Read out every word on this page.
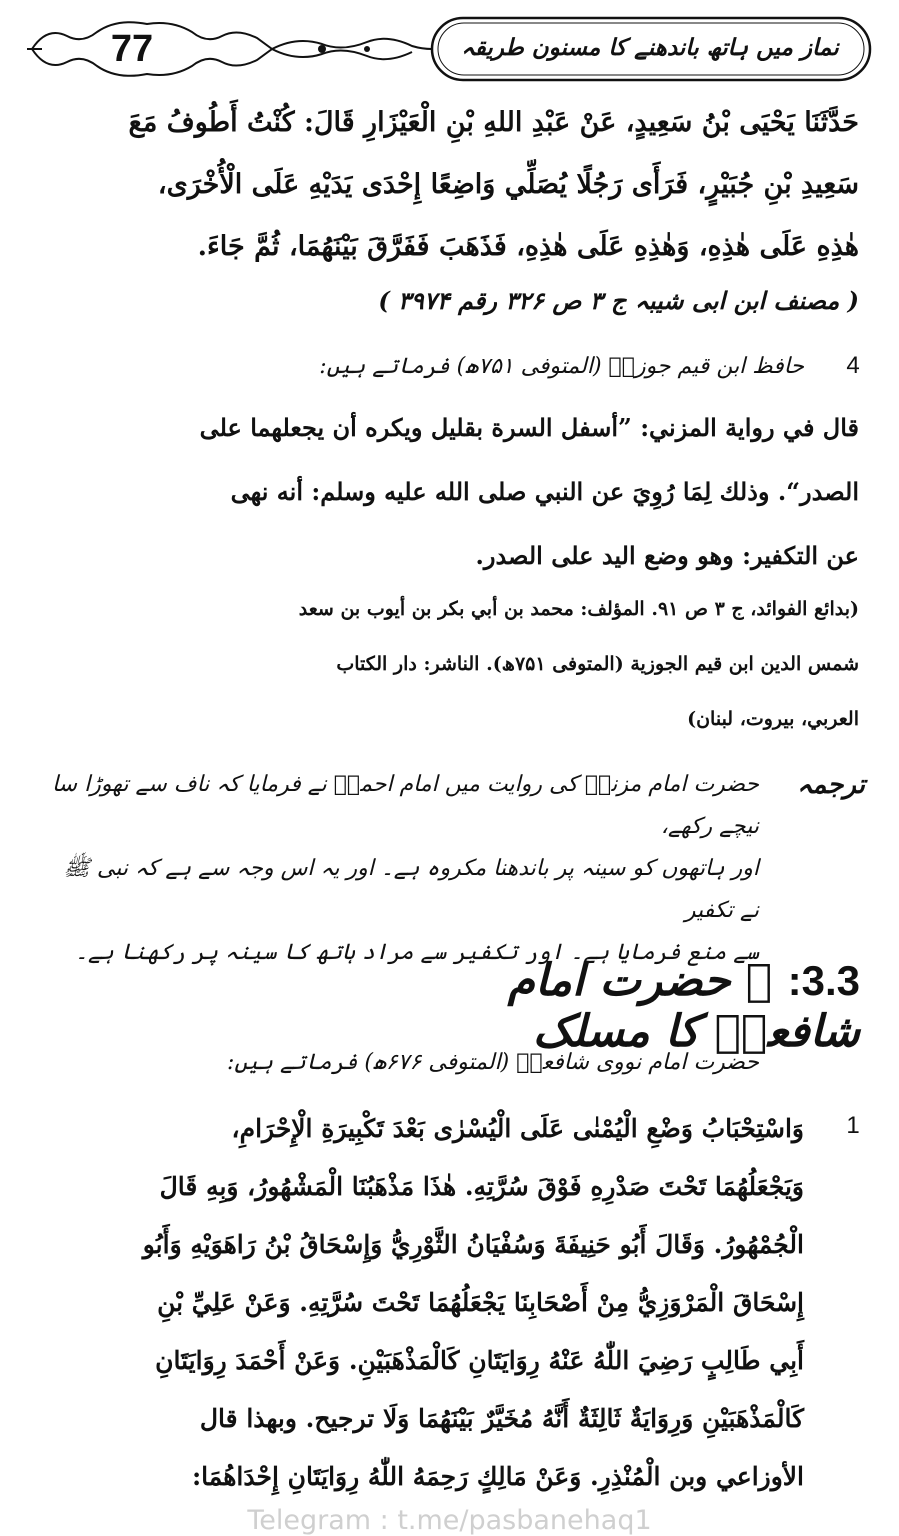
77	نماز میں ہاتھ باندھنے کا مسنون طریقہ
حَدَّثَنَا يَحْيَى بْنُ سَعِيدٍ، عَنْ عَبْدِ اللهِ بْنِ الْعَيْزَارِ قَالَ: كُنْتُ أَطُوفُ مَعَ
سَعِيدِ بْنِ جُبَيْرٍ، فَرَأَى رَجُلًا يُصَلِّي وَاضِعًا إِحْدَى يَدَيْهِ عَلَى الْأُخْرَى،
هٰذِهِ عَلَى هٰذِهِ، وَهٰذِهِ عَلَى هٰذِهِ، فَذَهَبَ فَفَرَّقَ بَيْنَهُمَا، ثُمَّ جَاءَ.
( مصنف ابن ابی شیبہ ج ۳ ص ۳۲۶ رقم ۳۹۷۴ )
4
حافظ ابن قیم جوزیؒ (المتوفی ۷۵۱ھ) فرماتے ہیں:
قال في رواية المزني: ”أسفل السرة بقليل ويكره أن يجعلهما على
الصدر“. وذلك لِمَا رُوِيَ عن النبي صلى الله عليه وسلم: أنه نهى
عن التكفير: وهو وضع اليد على الصدر.
(بدائع الفوائد، ج ۳ ص ۹۱. المؤلف: محمد بن أبي بكر بن أيوب بن سعد
شمس الدين ابن قيم الجوزية (المتوفى ۷۵۱ھ). الناشر: دار الكتاب
العربي، بيروت، لبنان)
ترجمہ
حضرت امام مزنیؒ کی روایت میں امام احمدؒ نے فرمایا کہ ناف سے تھوڑا سا نیچے رکھے،
اور ہاتھوں کو سینہ پر باندھنا مکروہ ہے۔ اور یہ اس وجہ سے ہے کہ نبی ﷺ نے تکفیر
سے منع فرمایا ہے۔ اور تکفیر سے مراد ہاتھ کا سینہ پر رکھنا ہے۔
3.3: ۔ حضرت امام شافعیؒ کا مسلک
حضرت امام نووی شافعیؒ (المتوفی ۶۷۶ھ) فرماتے ہیں:
1
وَاسْتِحْبَابُ وَضْعِ الْيُمْنٰى عَلَى الْيُسْرٰى بَعْدَ تَكْبِيرَةِ الْإِحْرَامِ،
وَيَجْعَلُهُمَا تَحْتَ صَدْرِهِ فَوْقَ سُرَّتِهِ. هٰذَا مَذْهَبُنَا الْمَشْهُورُ، وَبِهِ قَالَ
الْجُمْهُورُ. وَقَالَ أَبُو حَنِيفَةَ وَسُفْيَانُ الثَّوْرِيُّ وَإِسْحَاقُ بْنُ رَاهَوَيْهِ وَأَبُو
إِسْحَاقَ الْمَرْوَزِيُّ مِنْ أَصْحَابِنَا يَجْعَلُهُمَا تَحْتَ سُرَّتِهِ. وَعَنْ عَلِيِّ بْنِ
أَبِي طَالِبٍ رَضِيَ اللّٰهُ عَنْهُ رِوَايَتَانِ كَالْمَذْهَبَيْنِ. وَعَنْ أَحْمَدَ رِوَايَتَانِ
كَالْمَذْهَبَيْنِ وَرِوَايَةٌ ثَالِثَةٌ أَنَّهُ مُخَيَّرٌ بَيْنَهُمَا وَلَا ترجيح. وبهذا قال
الأوزاعي وبن الْمُنْذِرِ. وَعَنْ مَالِكٍ رَحِمَهُ اللّٰهُ رِوَايَتَانِ إِحْدَاهُمَا:
Telegram : t.me/pasbanehaq1
